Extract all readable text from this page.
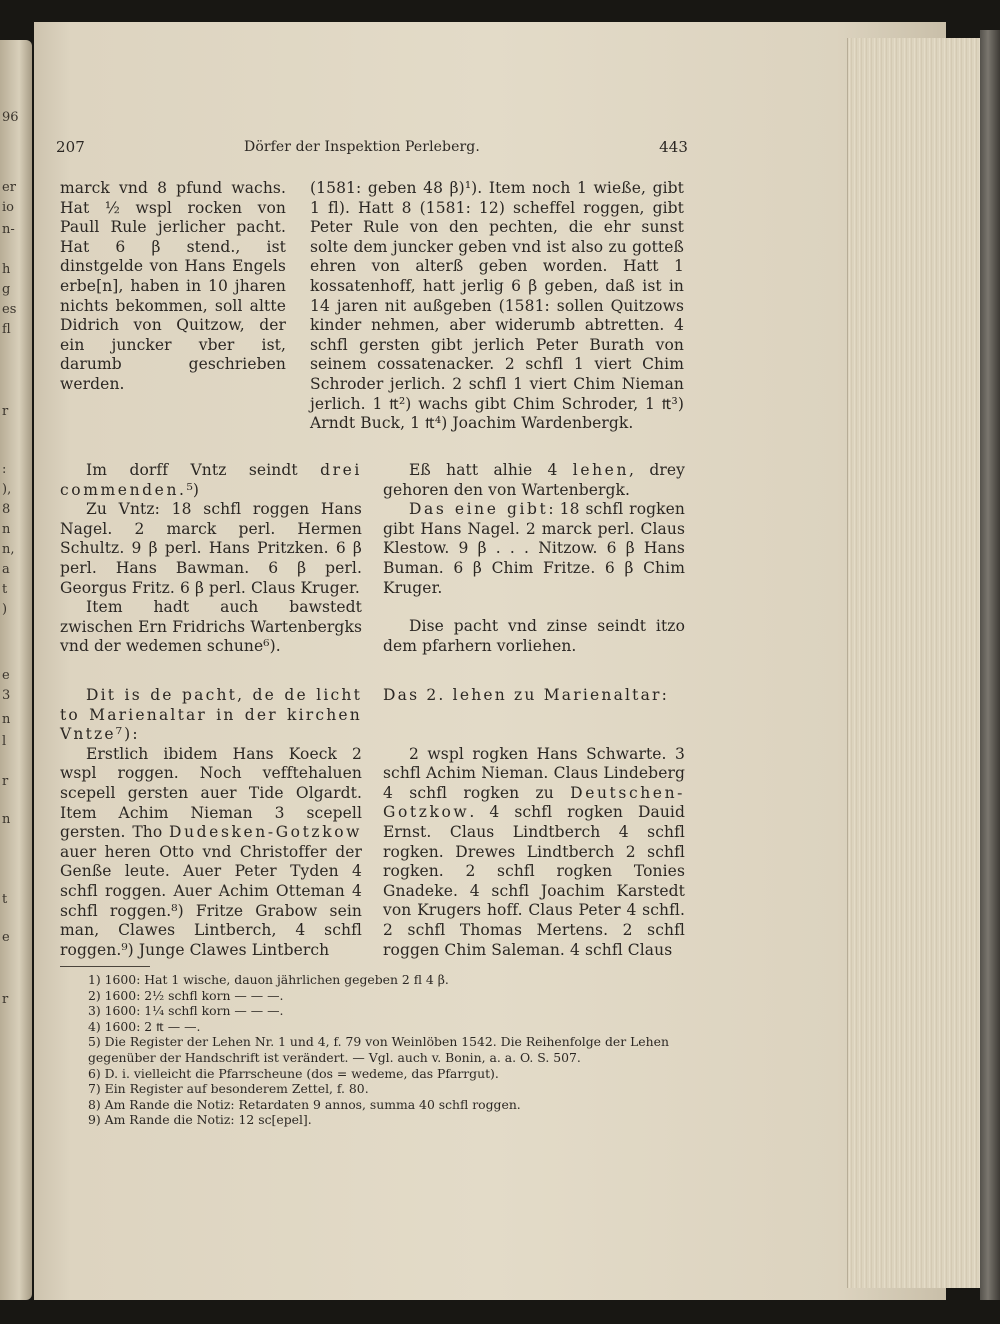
96
er
io
n-
h
g
es
fl
r
:
),
8
n
n,
a
t
)
e
3
n
l
r
n
t
e
r
207	Dörfer der Inspektion Perleberg.	443

marck vnd 8 pfund wachs. Hat ½ wspl rocken von Paull Rule jerlicher pacht. Hat 6 β stend., ist dinstgelde von Hans Engels erbe[n], haben in 10 jharen nichts bekommen, soll altte Didrich von Quitzow, der ein juncker vber ist, darumb geschrieben werden.

(1581: geben 48 β)¹). Item noch 1 wieße, gibt 1 fl). Hatt 8 (1581: 12) scheffel roggen, gibt Peter Rule von den pechten, die ehr sunst solte dem juncker geben vnd ist also zu gotteß ehren von alterß geben worden. Hatt 1 kossatenhoff, hatt jerlig 6 β geben, daß ist in 14 jaren nit außgeben (1581: sollen Quitzows kinder nehmen, aber widerumb abtretten. 4 schfl gersten gibt jerlich Peter Burath von seinem cossatenacker. 2 schfl 1 viert Chim Schroder jerlich. 2 schfl 1 viert Chim Nieman jerlich. 1 ₶²) wachs gibt Chim Schroder, 1 ₶³) Arndt Buck, 1 ₶⁴) Joachim Wardenbergk.

Im dorff Vntz seindt drei commenden.⁵)

Zu Vntz: 18 schfl roggen Hans Nagel. 2 marck perl. Hermen Schultz. 9 β perl. Hans Pritzken. 6 β perl. Hans Bawman. 6 β perl. Georgus Fritz. 6 β perl. Claus Kruger.

Item hadt auch bawstedt zwischen Ern Fridrichs Wartenbergks vnd der wedemen schune⁶).

Eß hatt alhie 4 lehen, drey gehoren den von Wartenbergk.

Das eine gibt: 18 schfl rogken gibt Hans Nagel. 2 marck perl. Claus Klestow. 9 β . . . Nitzow. 6 β Hans Buman. 6 β Chim Fritze. 6 β Chim Kruger.

Dise pacht vnd zinse seindt itzo dem pfarhern vorliehen.

Dit is de pacht, de de licht to Marienaltar in der kirchen Vntze⁷):

Erstlich ibidem Hans Koeck 2 wspl roggen. Noch vefftehaluen scepell gersten auer Tide Olgardt. Item Achim Nieman 3 scepell gersten. Tho Dudesken-Gotzkow auer heren Otto vnd Christoffer der Genße leute. Auer Peter Tyden 4 schfl roggen. Auer Achim Otteman 4 schfl roggen.⁸) Fritze Grabow sein man, Clawes Lintberch, 4 schfl roggen.⁹) Junge Clawes Lintberch

Das 2. lehen zu Marienaltar:

2 wspl rogken Hans Schwarte. 3 schfl Achim Nieman. Claus Lindeberg 4 schfl rogken zu Deutschen-Gotzkow. 4 schfl rogken Dauid Ernst. Claus Lindtberch 4 schfl rogken. Drewes Lindtberch 2 schfl rogken. 2 schfl rogken Tonies Gnadeke. 4 schfl Joachim Karstedt von Krugers hoff. Claus Peter 4 schfl. 2 schfl Thomas Mertens. 2 schfl roggen Chim Saleman. 4 schfl Claus

1) 1600: Hat 1 wische, dauon jährlichen gegeben 2 fl 4 β.
2) 1600: 2½ schfl korn — — —.
3) 1600: 1¼ schfl korn — — —.
4) 1600: 2 ₶ — —.
5) Die Register der Lehen Nr. 1 und 4, f. 79 von Weinlöben 1542. Die Reihenfolge der Lehen gegenüber der Handschrift ist verändert. — Vgl. auch v. Bonin, a. a. O. S. 507.
6) D. i. vielleicht die Pfarrscheune (dos = wedeme, das Pfarrgut).
7) Ein Register auf besonderem Zettel, f. 80.
8) Am Rande die Notiz: Retardaten 9 annos, summa 40 schfl roggen.
9) Am Rande die Notiz: 12 sc[epel].
